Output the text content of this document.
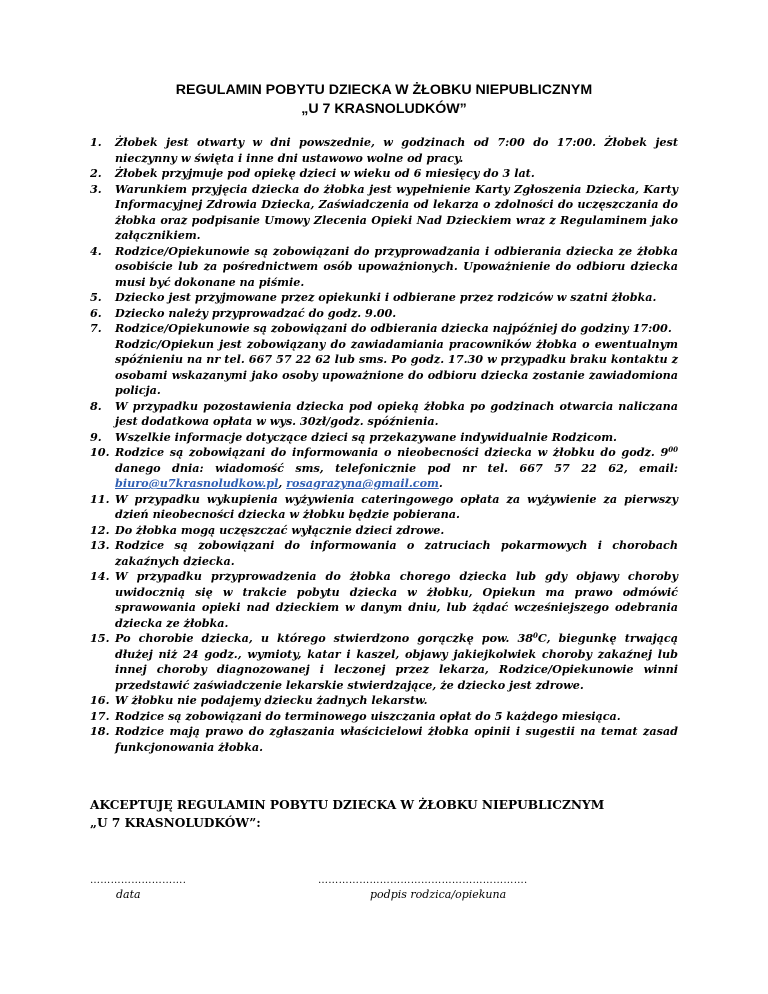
REGULAMIN POBYTU DZIECKA W ŻŁOBKU NIEPUBLICZNYM
„U 7 KRASNOLUDKÓW”
1. Żłobek jest otwarty w dni powszednie, w godzinach od 7:00 do 17:00. Żłobek jest nieczynny w święta i inne dni ustawowo wolne od pracy.
2. Żłobek przyjmuje pod opiekę dzieci w wieku od 6 miesięcy do 3 lat.
3. Warunkiem przyjęcia dziecka do żłobka jest wypełnienie Karty Zgłoszenia Dziecka, Karty Informacyjnej Zdrowia Dziecka, Zaświadczenia od lekarza o zdolności do uczęszczania do żłobka oraz podpisanie Umowy Zlecenia Opieki Nad Dzieckiem wraz z Regulaminem jako załącznikiem.
4. Rodzice/Opiekunowie są zobowiązani do przyprowadzania i odbierania dziecka ze żłobka osobiście lub za pośrednictwem osób upoważnionych. Upoważnienie do odbioru dziecka musi być dokonane na piśmie.
5. Dziecko jest przyjmowane przez opiekunki i odbierane przez rodziców w szatni żłobka.
6. Dziecko należy przyprowadzać do godz. 9.00.
7. Rodzice/Opiekunowie są zobowiązani do odbierania dziecka najpóźniej do godziny 17:00.
Rodzic/Opiekun jest zobowiązany do zawiadamiania pracowników żłobka o ewentualnym spóźnieniu na nr tel. 667 57 22 62 lub sms. Po godz. 17.30 w przypadku braku kontaktu z osobami wskazanymi jako osoby upoważnione do odbioru dziecka zostanie zawiadomiona policja.
8. W przypadku pozostawienia dziecka pod opieką żłobka po godzinach otwarcia naliczana jest dodatkowa opłata w wys. 30zł/godz. spóźnienia.
9. Wszelkie informacje dotyczące dzieci są przekazywane indywidualnie Rodzicom.
10. Rodzice są zobowiązani do informowania o nieobecności dziecka w żłobku do godz. $9^{00}$ danego dnia: wiadomość sms, telefonicznie pod nr tel. 667 57 22 62, email: biuro@u7krasnoludkow.pl, rosagrazyna@gmail.com.
11. W przypadku wykupienia wyżywienia cateringowego opłata za wyżywienie za pierwszy dzień nieobecności dziecka w żłobku będzie pobierana.
12. Do żłobka mogą uczęszczać wyłącznie dzieci zdrowe.
13. Rodzice są zobowiązani do informowania o zatruciach pokarmowych i chorobach zakaźnych dziecka.
14. W przypadku przyprowadzenia do żłobka chorego dziecka lub gdy objawy choroby uwidocznią się w trakcie pobytu dziecka w żłobku, Opiekun ma prawo odmówić sprawowania opieki nad dzieckiem w danym dniu, lub żądać wcześniejszego odebrania dziecka ze żłobka.
15. Po chorobie dziecka, u którego stwierdzono gorączkę pow. $38^0C$, biegunkę trwającą dłużej niż 24 godz., wymioty, katar i kaszel, objawy jakiejkolwiek choroby zakaźnej lub innej choroby diagnozowanej i leczonej przez lekarza, Rodzice/Opiekunowie winni przedstawić zaświadczenie lekarskie stwierdzające, że dziecko jest zdrowe.
16. W żłobku nie podajemy dziecku żadnych lekarstw.
17. Rodzice są zobowiązani do terminowego uiszczania opłat do 5 każdego miesiąca.
18. Rodzice mają prawo do zgłaszania właścicielowi żłobka opinii i sugestii na temat zasad funkcjonowania żłobka.
AKCEPTUJĘ REGULAMIN POBYTU DZIECKA W ŻŁOBKU NIEPUBLICZNYM
„U 7 KRASNOLUDKÓW”:
……………………….
data
…………………………………………………….
podpis rodzica/opiekuna
